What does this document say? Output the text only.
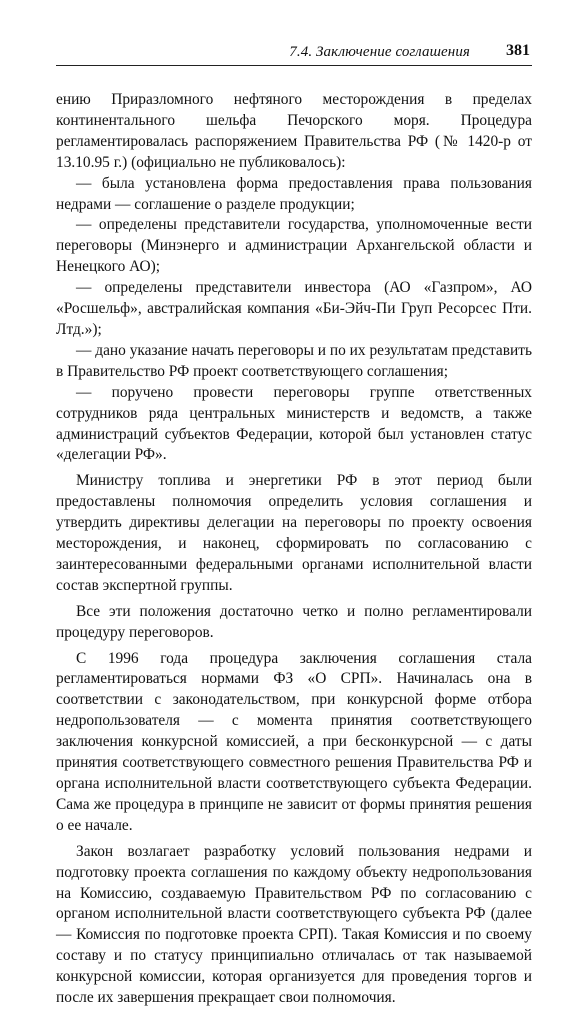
7.4. Заключение соглашения 381

ению Приразломного нефтяного месторождения в пределах континентального шельфа Печорского моря. Процедура регламентировалась распоряжением Правительства РФ (№ 1420-р от 13.10.95 г.) (официально не публиковалось):

— была установлена форма предоставления права пользования недрами — соглашение о разделе продукции;

— определены представители государства, уполномоченные вести переговоры (Минэнерго и администрации Архангельской области и Ненецкого АО);

— определены представители инвестора (АО «Газпром», АО «Росшельф», австралийская компания «Би-Эйч-Пи Груп Ресорсес Пти. Лтд.»);

— дано указание начать переговоры и по их результатам представить в Правительство РФ проект соответствующего соглашения;

— поручено провести переговоры группе ответственных сотрудников ряда центральных министерств и ведомств, а также администраций субъектов Федерации, которой был установлен статус «делегации РФ».

Министру топлива и энергетики РФ в этот период были предоставлены полномочия определить условия соглашения и утвердить директивы делегации на переговоры по проекту освоения месторождения, и наконец, сформировать по согласованию с заинтересованными федеральными органами исполнительной власти состав экспертной группы.

Все эти положения достаточно четко и полно регламентировали процедуру переговоров.

С 1996 года процедура заключения соглашения стала регламентироваться нормами ФЗ «О СРП». Начиналась она в соответствии с законодательством, при конкурсной форме отбора недропользователя — с момента принятия соответствующего заключения конкурсной комиссией, а при бесконкурсной — с даты принятия соответствующего совместного решения Правительства РФ и органа исполнительной власти соответствующего субъекта Федерации. Сама же процедура в принципе не зависит от формы принятия решения о ее начале.

Закон возлагает разработку условий пользования недрами и подготовку проекта соглашения по каждому объекту недропользования на Комиссию, создаваемую Правительством РФ по согласованию с органом исполнительной власти соответствующего субъекта РФ (далее — Комиссия по подготовке проекта СРП). Такая Комиссия и по своему составу и по статусу принципиально отличалась от так называемой конкурсной комиссии, которая организуется для проведения торгов и после их завершения прекращает свои полномочия.
